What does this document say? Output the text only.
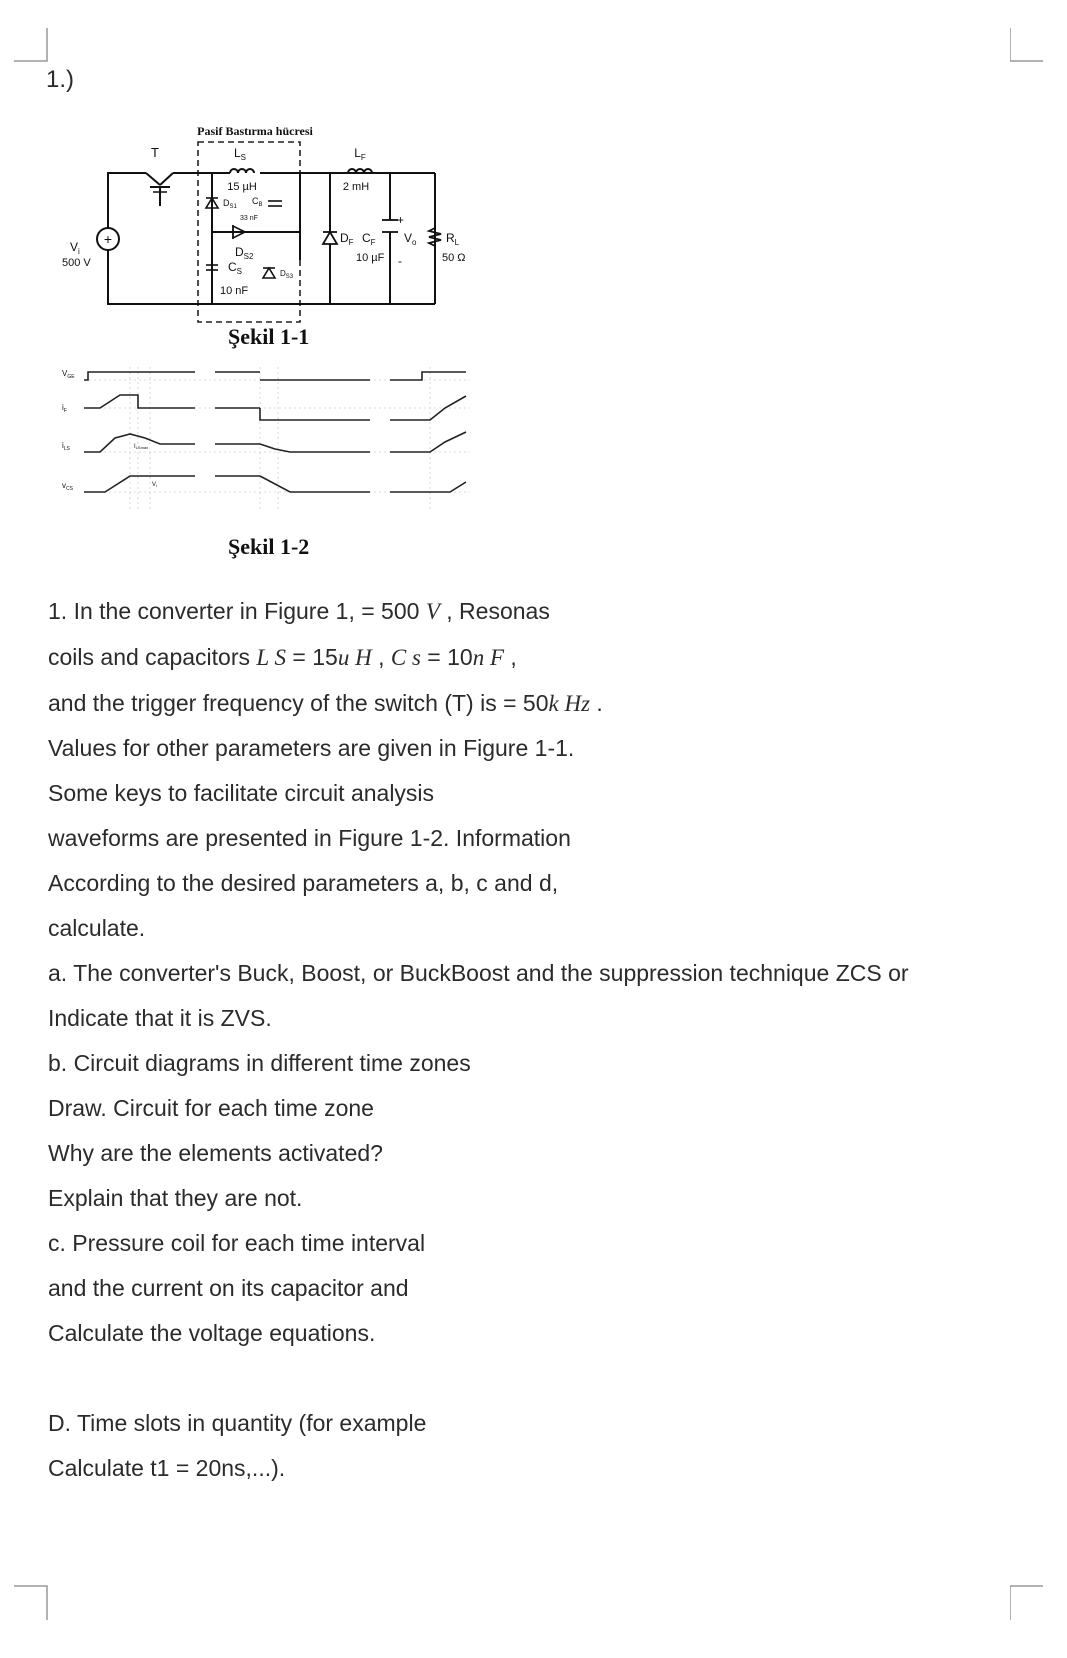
1.)
Pasif Bastırma hücresi
+
$V_i$
500 V
T	$L_S$
15 µH
$D_{S1}$
$C_B$
33 nF
$D_{S2}$
$C_S$
10 nF
$D_{S3}$
$L_F$
2 mH
$D_F$ $C_F$
10 µF
+
$V_o$
-
$R_L$
50 Ω
Şekil 1-1
$V_{GE}$
$i_F$
$i_{LS}$
$v_{CS}$
ILSmax
Vi
Şekil 1-2
1. In the converter in Figure 1, = 500 V , Resonas
coils and capacitors L S = 15u H , C s = 10n F ,
and the trigger frequency of the switch (T) is = 50k Hz .
Values for other parameters are given in Figure 1-1.
Some keys to facilitate circuit analysis
waveforms are presented in Figure 1-2. Information
According to the desired parameters a, b, c and d,
calculate.
a. The converter's Buck, Boost, or BuckBoost and the suppression technique ZCS or
Indicate that it is ZVS.
b. Circuit diagrams in different time zones
Draw. Circuit for each time zone
Why are the elements activated?
Explain that they are not.
c. Pressure coil for each time interval
and the current on its capacitor and
Calculate the voltage equations.
D. Time slots in quantity (for example
Calculate t1 = 20ns,...).
